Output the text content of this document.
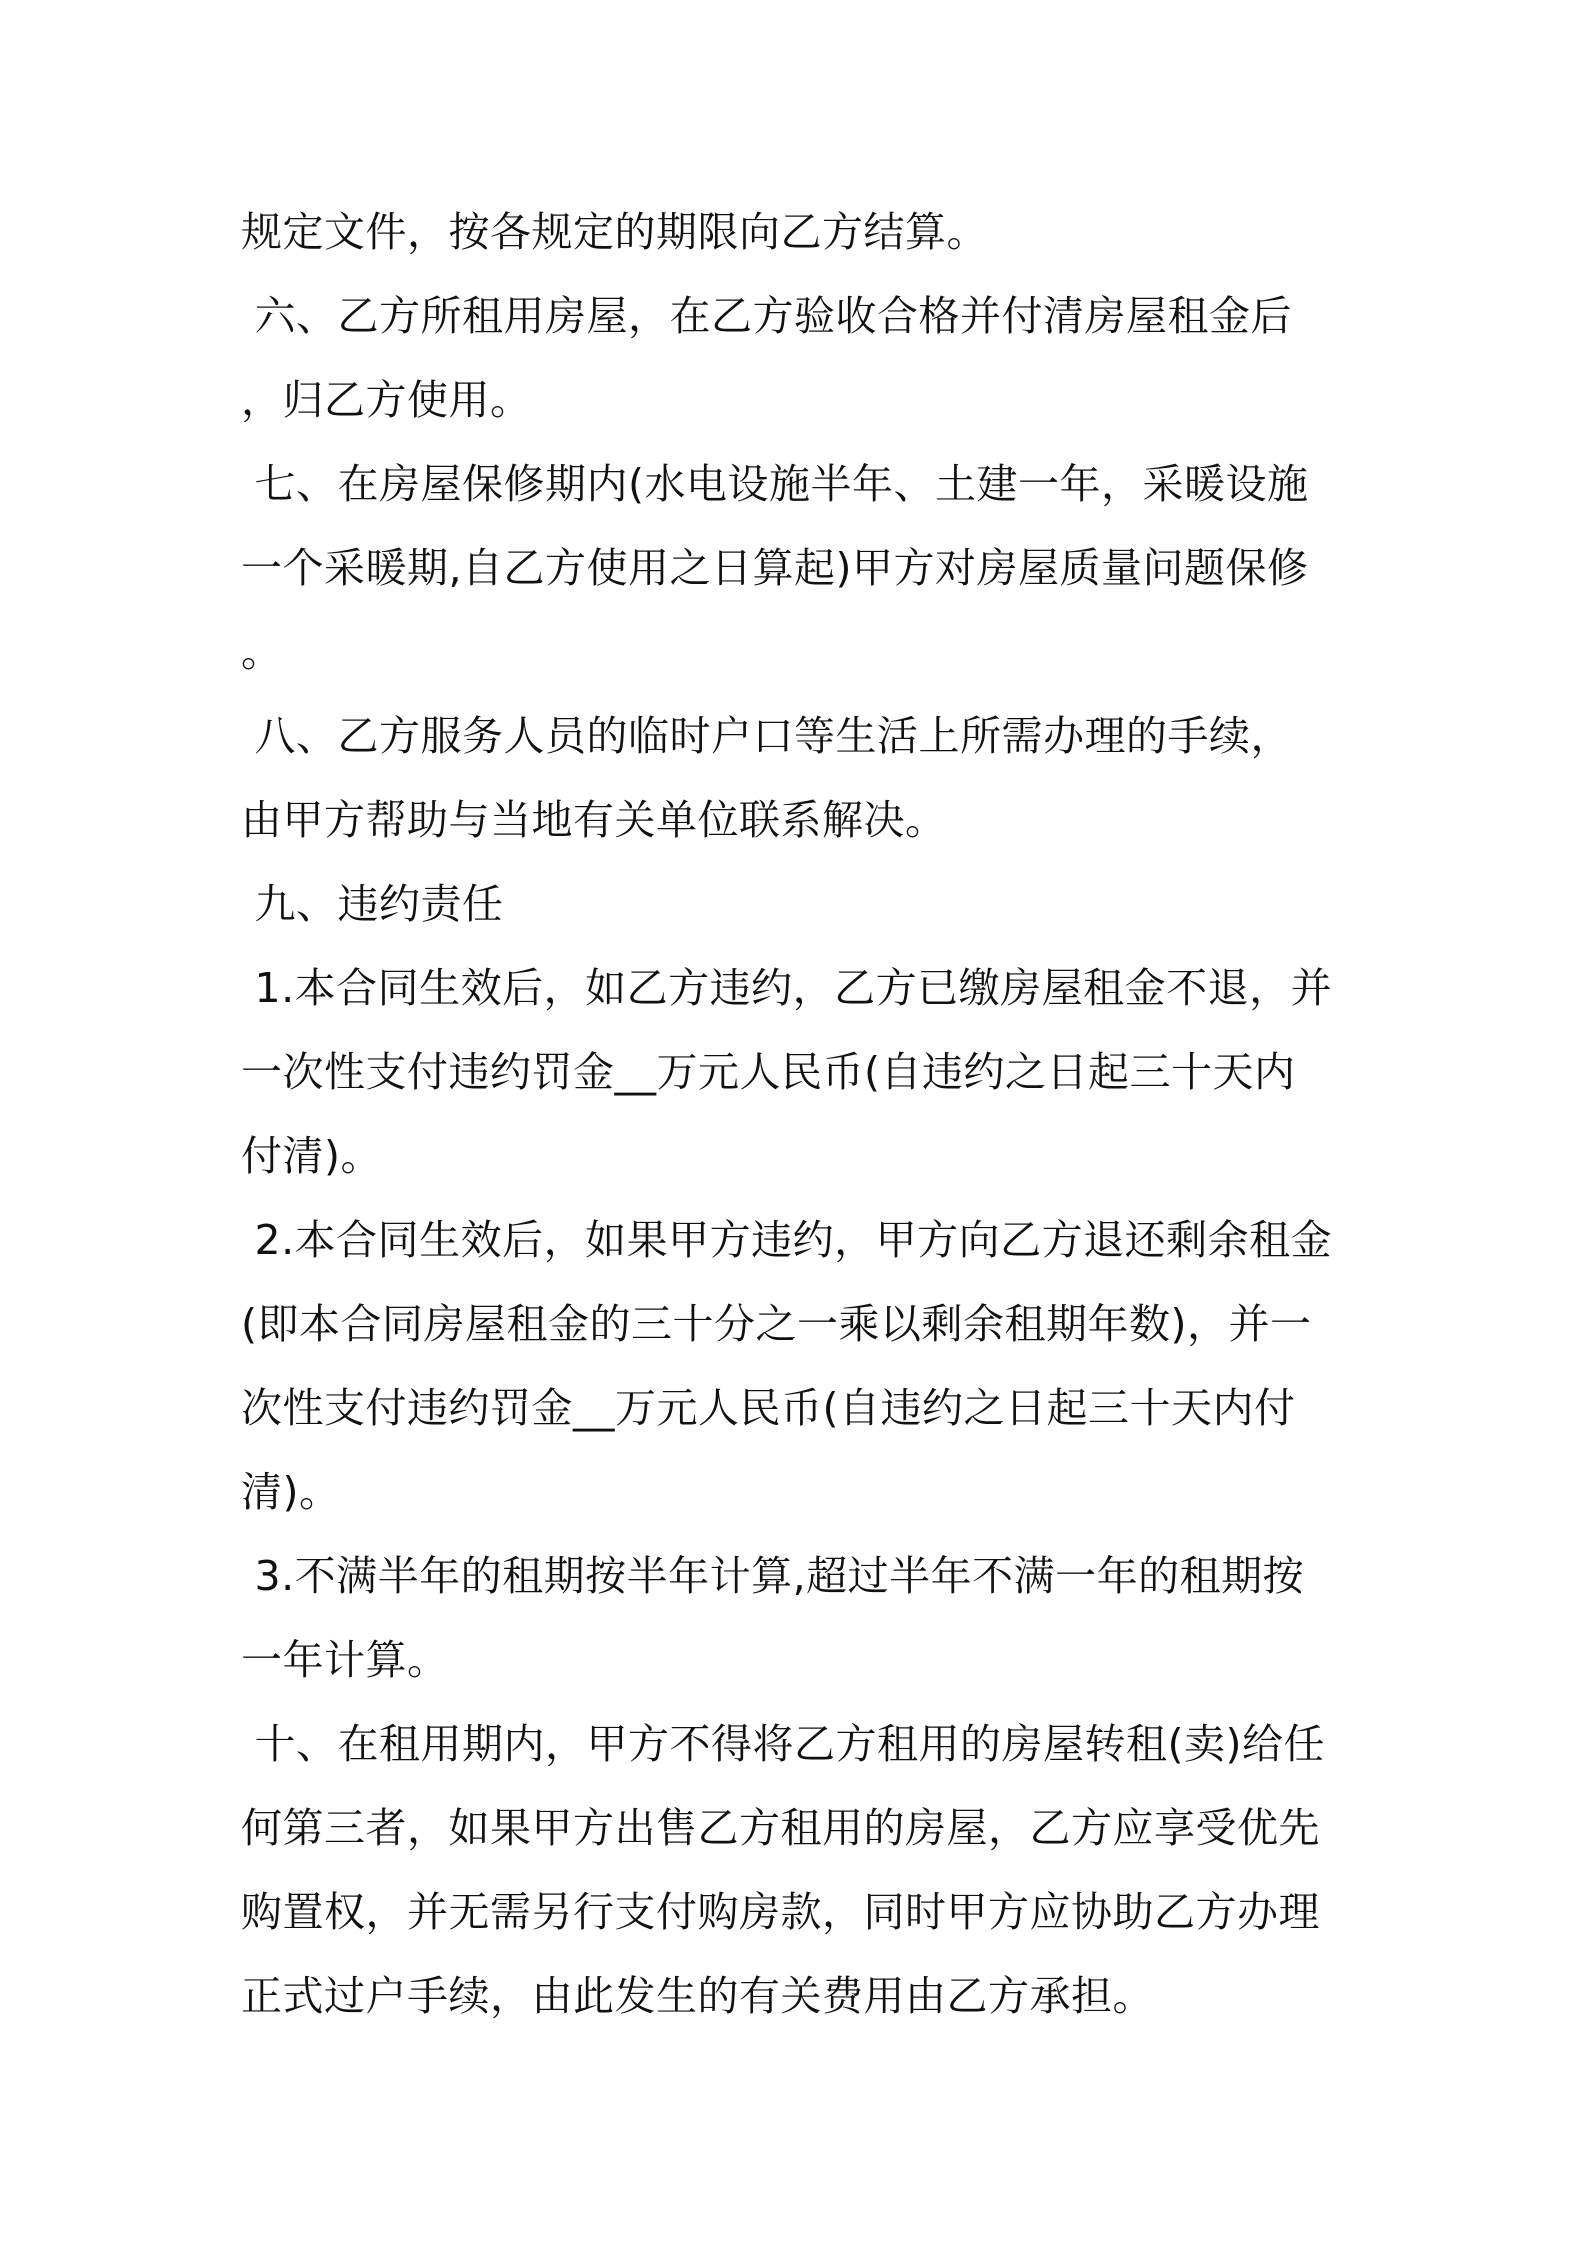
规定文件，按各规定的期限向乙方结算。
六、乙方所租用房屋，在乙方验收合格并付清房屋租金后
，归乙方使用。
七、在房屋保修期内(水电设施半年、土建一年，采暖设施
一个采暖期,自乙方使用之日算起)甲方对房屋质量问题保修
。
八、乙方服务人员的临时户口等生活上所需办理的手续，
由甲方帮助与当地有关单位联系解决。
九、违约责任
1.本合同生效后，如乙方违约，乙方已缴房屋租金不退，并
一次性支付违约罚金__万元人民币(自违约之日起三十天内
付清)。
2.本合同生效后，如果甲方违约，甲方向乙方退还剩余租金
(即本合同房屋租金的三十分之一乘以剩余租期年数)，并一
次性支付违约罚金__万元人民币(自违约之日起三十天内付
清)。
3.不满半年的租期按半年计算,超过半年不满一年的租期按
一年计算。
十、在租用期内，甲方不得将乙方租用的房屋转租(卖)给任
何第三者，如果甲方出售乙方租用的房屋，乙方应享受优先
购置权，并无需另行支付购房款，同时甲方应协助乙方办理
正式过户手续，由此发生的有关费用由乙方承担。
